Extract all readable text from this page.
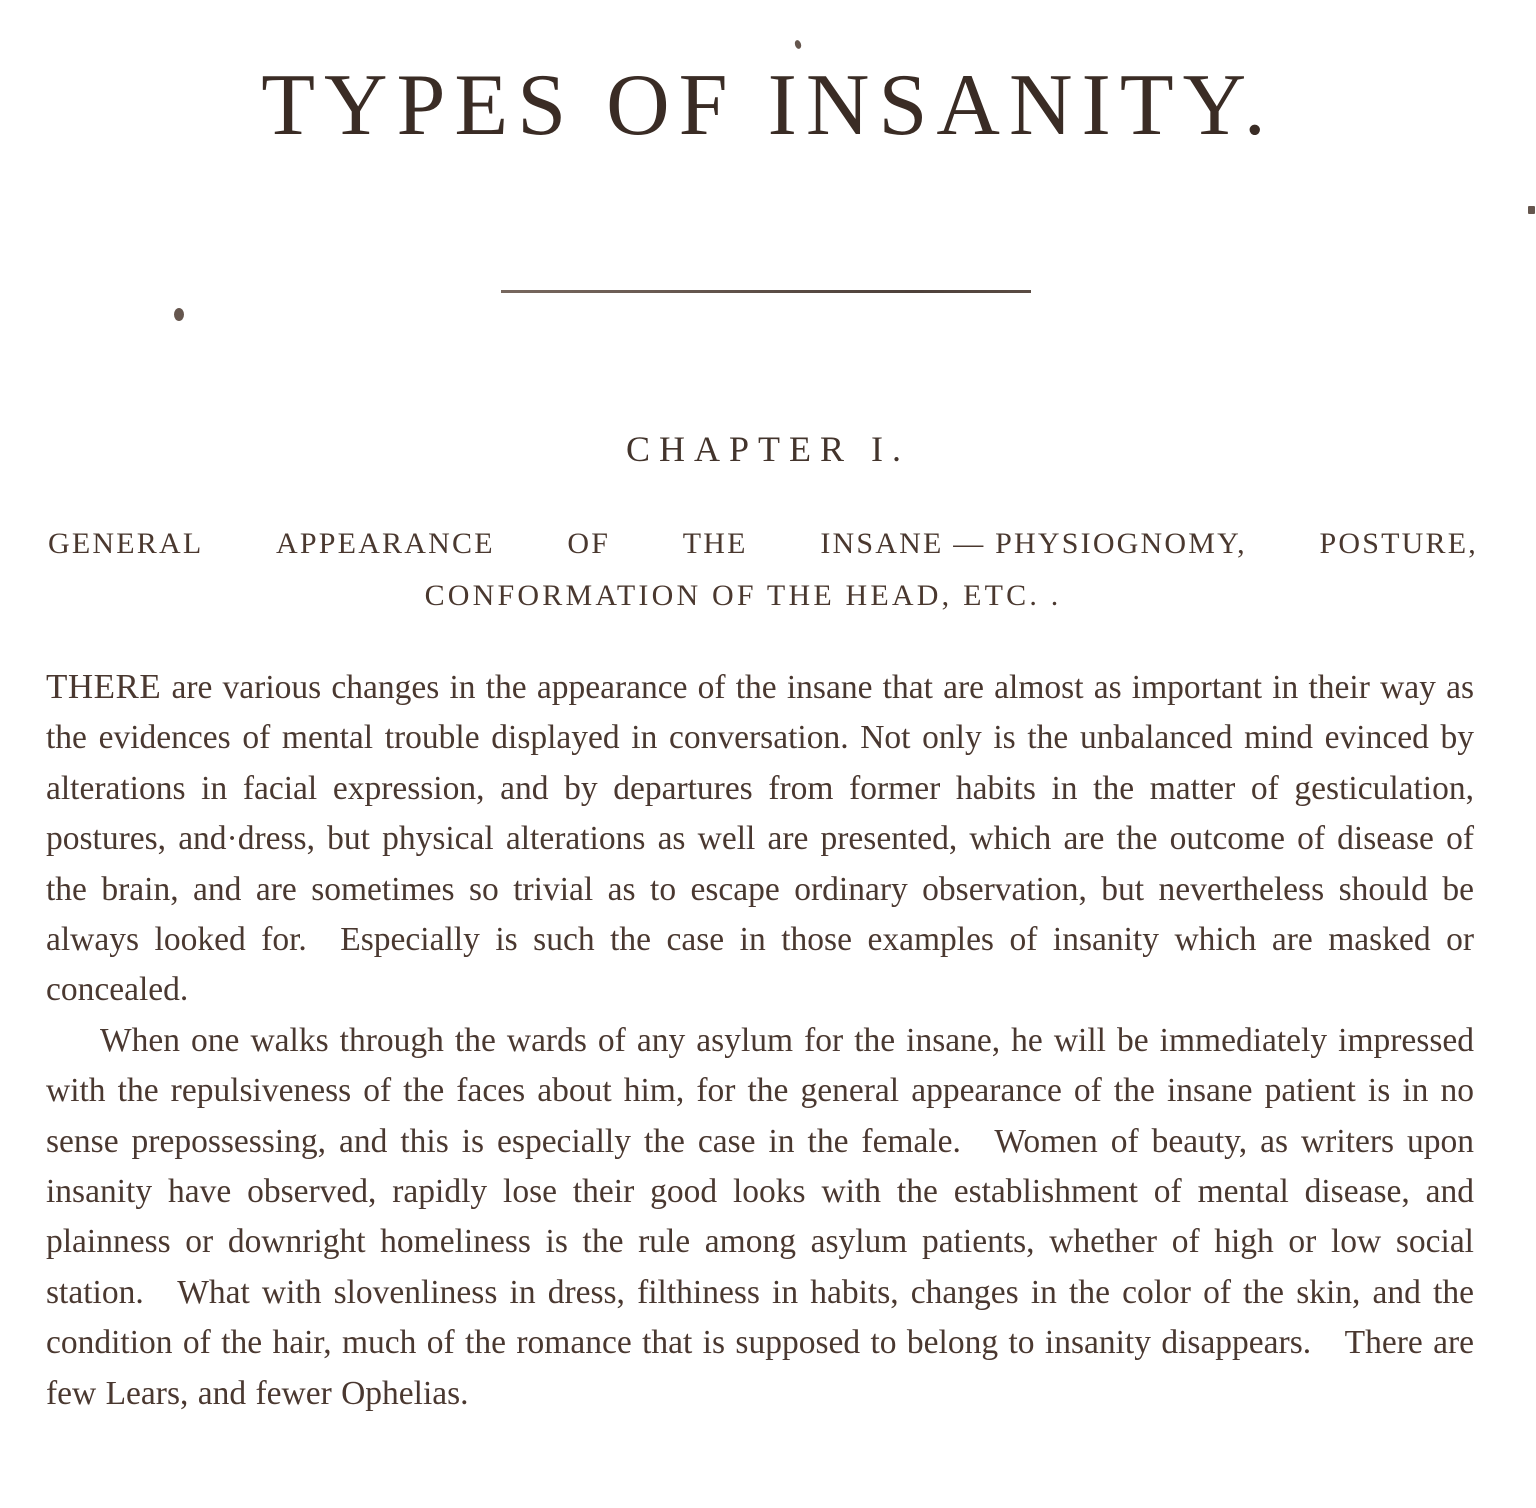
TYPES OF INSANITY.
CHAPTER I.
GENERAL APPEARANCE OF THE INSANE — PHYSIOGNOMY, POSTURE,
CONFORMATION OF THE HEAD, ETC. .

THERE are various changes in the appearance of the insane that are almost as important in their way as the evidences of mental trouble displayed in conversation. Not only is the unbalanced mind evinced by alterations in facial expression, and by departures from former habits in the matter of gesticulation, postures, and·dress, but physical alterations as well are presented, which are the outcome of disease of the brain, and are sometimes so trivial as to escape ordinary observation, but nevertheless should be always looked for. Especially is such the case in those examples of insanity which are masked or concealed.

When one walks through the wards of any asylum for the insane, he will be immediately impressed with the repulsiveness of the faces about him, for the general appearance of the insane patient is in no sense prepossessing, and this is especially the case in the female. Women of beauty, as writers upon insanity have observed, rapidly lose their good looks with the establishment of mental disease, and plainness or downright homeliness is the rule among asylum patients, whether of high or low social station. What with slovenliness in dress, filthiness in habits, changes in the color of the skin, and the condition of the hair, much of the romance that is supposed to belong to insanity disappears. There are few Lears, and fewer Ophelias.
